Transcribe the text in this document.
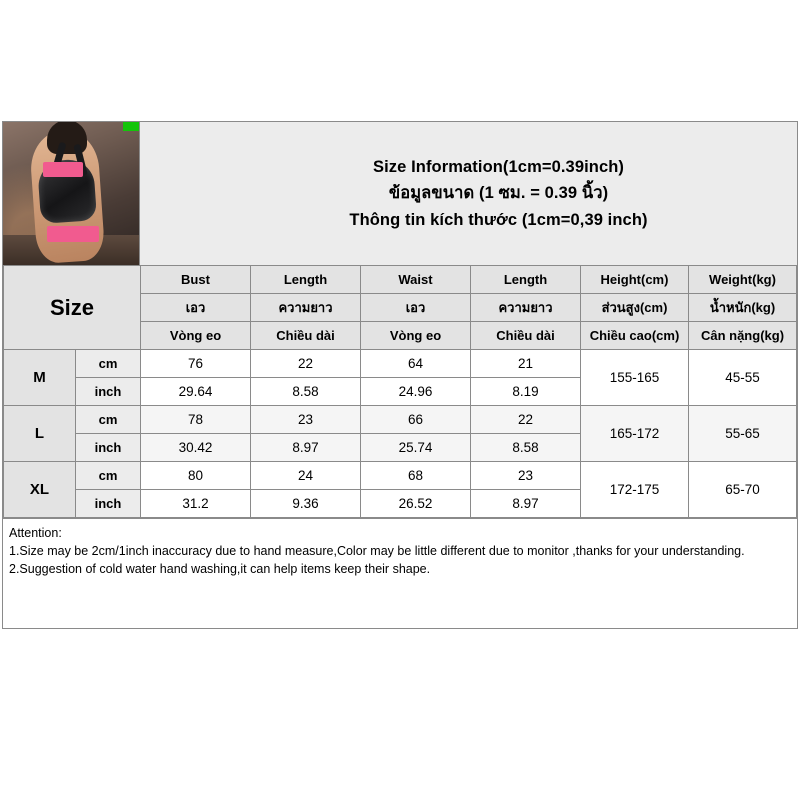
Size Information(1cm=0.39inch)
ข้อมูลขนาด (1 ซม. = 0.39 นิ้ว)
Thông tin kích thước (1cm=0,39 inch)
Size		Bust	Length	Waist	Length	Height(cm)	Weight(kg)
		เอว	ความยาว	เอว	ความยาว	ส่วนสูง(cm)	น้ำหนัก(kg)
		Vòng eo	Chiều dài	Vòng eo	Chiều dài	Chiều cao(cm)	Cân nặng(kg)
M	cm	76	22	64	21	155-165	45-55
	inch	29.64	8.58	24.96	8.19		
L	cm	78	23	66	22	165-172	55-65
	inch	30.42	8.97	25.74	8.58		
XL	cm	80	24	68	23	172-175	65-70
	inch	31.2	9.36	26.52	8.97		
Attention:
1.Size may be 2cm/1inch inaccuracy due to hand measure,Color may be little different due to monitor ,thanks for your understanding.
2.Suggestion of cold water hand washing,it can help items keep their shape.
